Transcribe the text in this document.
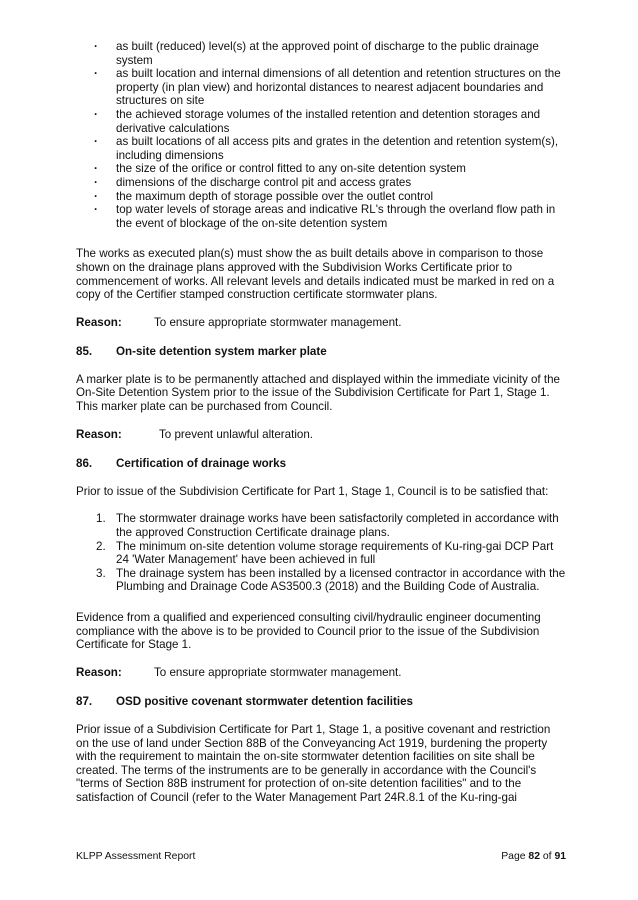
· as built (reduced) level(s) at the approved point of discharge to the public drainage system
· as built location and internal dimensions of all detention and retention structures on the property (in plan view) and horizontal distances to nearest adjacent boundaries and structures on site
· the achieved storage volumes of the installed retention and detention storages and derivative calculations
· as built locations of all access pits and grates in the detention and retention system(s), including dimensions
· the size of the orifice or control fitted to any on-site detention system
· dimensions of the discharge control pit and access grates
· the maximum depth of storage possible over the outlet control
· top water levels of storage areas and indicative RL's through the overland flow path in the event of blockage of the on-site detention system

The works as executed plan(s) must show the as built details above in comparison to those shown on the drainage plans approved with the Subdivision Works Certificate prior to commencement of works. All relevant levels and details indicated must be marked in red on a copy of the Certifier stamped construction certificate stormwater plans.

Reason:	To ensure appropriate stormwater management.
85.	On-site detention system marker plate

A marker plate is to be permanently attached and displayed within the immediate vicinity of the On-Site Detention System prior to the issue of the Subdivision Certificate for Part 1, Stage 1. This marker plate can be purchased from Council.

Reason:	To prevent unlawful alteration.
86.	Certification of drainage works

Prior to issue of the Subdivision Certificate for Part 1, Stage 1, Council is to be satisfied that:

1. The stormwater drainage works have been satisfactorily completed in accordance with the approved Construction Certificate drainage plans.
2. The minimum on-site detention volume storage requirements of Ku-ring-gai DCP Part 24 'Water Management' have been achieved in full
3. The drainage system has been installed by a licensed contractor in accordance with the Plumbing and Drainage Code AS3500.3 (2018) and the Building Code of Australia.

Evidence from a qualified and experienced consulting civil/hydraulic engineer documenting compliance with the above is to be provided to Council prior to the issue of the Subdivision Certificate for Stage 1.

Reason:	To ensure appropriate stormwater management.
87.	OSD positive covenant stormwater detention facilities

Prior issue of a Subdivision Certificate for Part 1, Stage 1, a positive covenant and restriction on the use of land under Section 88B of the Conveyancing Act 1919, burdening the property with the requirement to maintain the on-site stormwater detention facilities on site shall be created. The terms of the instruments are to be generally in accordance with the Council's "terms of Section 88B instrument for protection of on-site detention facilities" and to the satisfaction of Council (refer to the Water Management Part 24R.8.1 of the Ku-ring-gai

KLPP Assessment Report	Page 82 of 91
